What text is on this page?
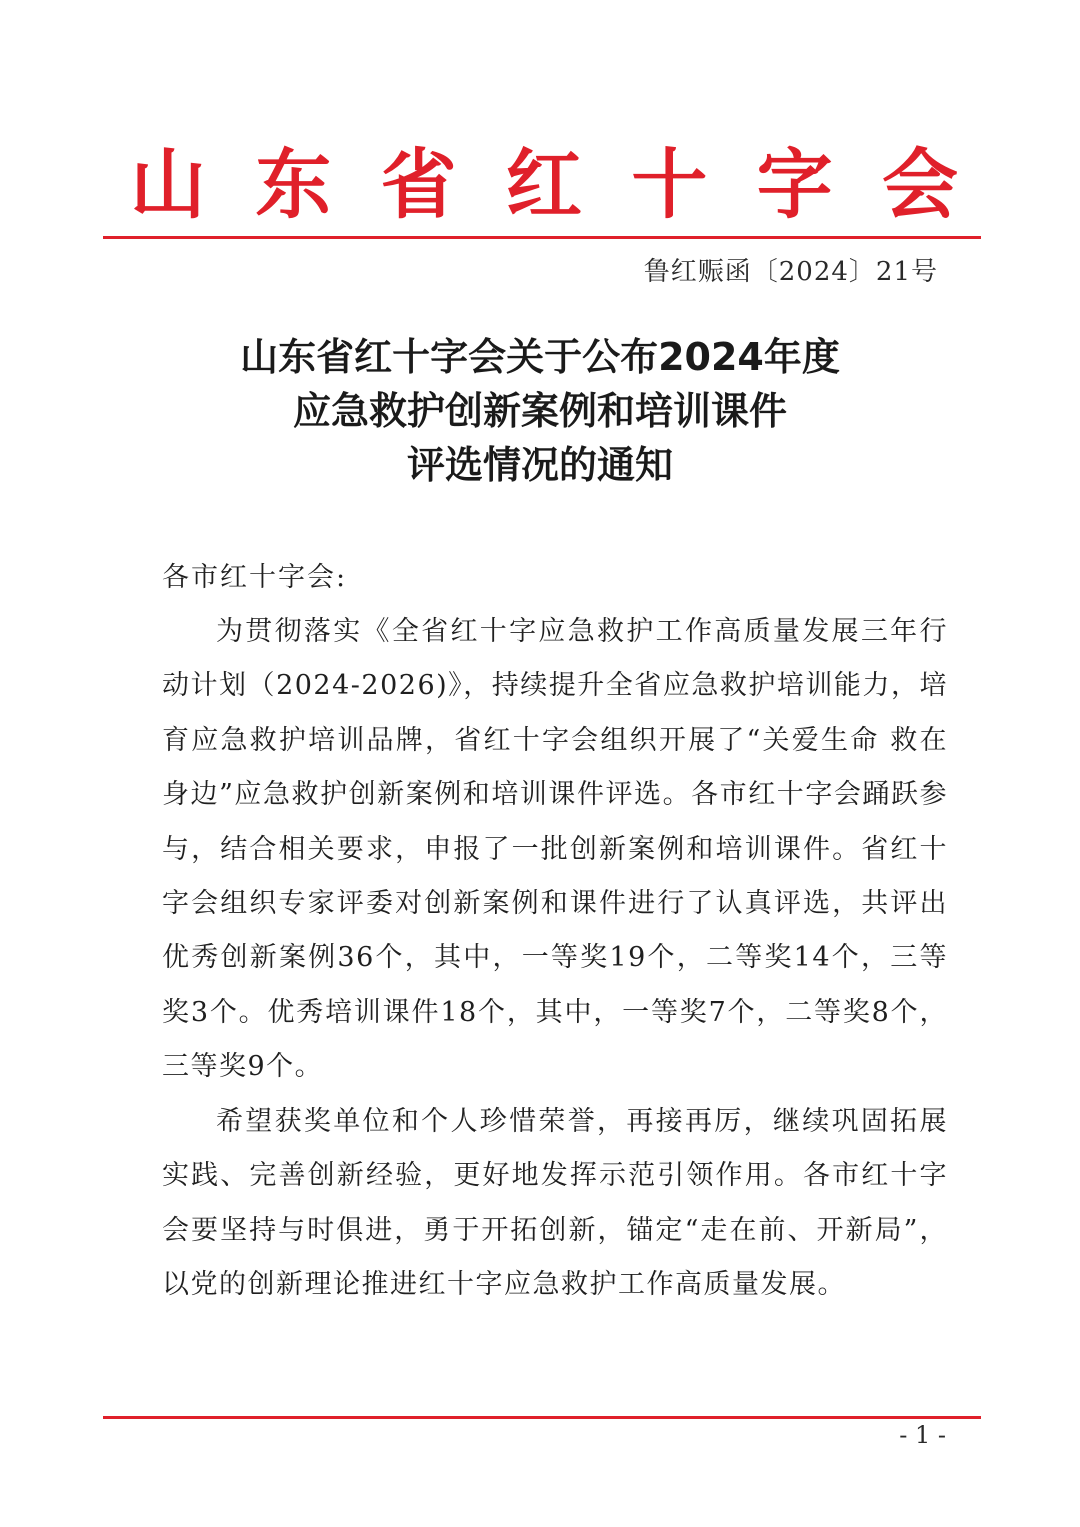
山 东 省 红 十 字 会
鲁红赈函〔2024〕21号
山东省红十字会关于公布2024年度
应急救护创新案例和培训课件
评选情况的通知
各市红十字会:

为贯彻落实《全省红十字应急救护工作高质量发展三年行动计划（2024-2026)》，持续提升全省应急救护培训能力，培育应急救护培训品牌，省红十字会组织开展了“关爱生命 救在身边”应急救护创新案例和培训课件评选。各市红十字会踊跃参与，结合相关要求，申报了一批创新案例和培训课件。省红十字会组织专家评委对创新案例和课件进行了认真评选，共评出优秀创新案例36个，其中，一等奖19个，二等奖14个，三等奖3个。优秀培训课件18个，其中，一等奖7个，二等奖8个，三等奖9个。

希望获奖单位和个人珍惜荣誉，再接再厉，继续巩固拓展实践、完善创新经验，更好地发挥示范引领作用。各市红十字会要坚持与时俱进，勇于开拓创新，锚定“走在前、开新局”，以党的创新理论推进红十字应急救护工作高质量发展。

- 1 -
